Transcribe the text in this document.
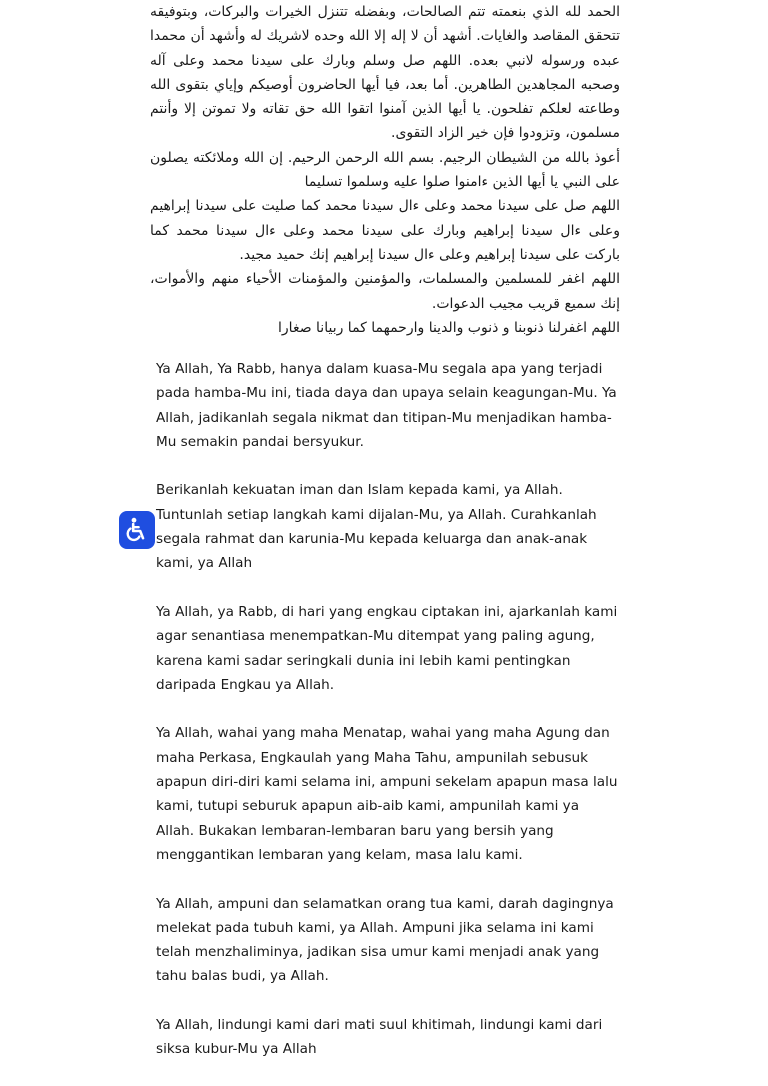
الحمد لله الذي بنعمته تتم الصالحات، وبفضله تتنزل الخيرات والبركات، وبتوفيقه تتحقق المقاصد والغايات. أشهد أن لا إله إلا الله وحده لاشريك له وأشهد أن محمدا عبده ورسوله لانبي بعده. اللهم صل وسلم وبارك على سيدنا محمد وعلى آله وصحبه المجاهدين الطاهرين. أما بعد، فيا أيها الحاضرون أوصيكم وإياي بتقوى الله وطاعته لعلكم تفلحون. يا أيها الذين آمنوا اتقوا الله حق تقاته ولا تموتن إلا وأنتم مسلمون، وتزودوا فإن خير الزاد التقوى.

أعوذ بالله من الشيطان الرجيم. بسم الله الرحمن الرحيم. إن الله وملائكته يصلون على النبي يا أيها الذين ءامنوا صلوا عليه وسلموا تسليما

اللهم صل على سيدنا محمد وعلى ءال سيدنا محمد كما صليت على سيدنا إبراهيم وعلى ءال سيدنا إبراهيم وبارك على سيدنا محمد وعلى ءال سيدنا محمد كما باركت على سيدنا إبراهيم وعلى ءال سيدنا إبراهيم إنك حميد مجيد.

اللهم اغفر للمسلمين والمسلمات، والمؤمنين والمؤمنات الأحياء منهم والأموات، إنك سميع قريب مجيب الدعوات.

اللهم اغفرلنا ذنوبنا و ذنوب والدينا وارحمهما كما ربيانا صغارا

Ya Allah, Ya Rabb, hanya dalam kuasa-Mu segala apa yang terjadi pada hamba-Mu ini, tiada daya dan upaya selain keagungan-Mu. Ya Allah, jadikanlah segala nikmat dan titipan-Mu menjadikan hamba-Mu semakin pandai bersyukur.

Berikanlah kekuatan iman dan Islam kepada kami, ya Allah. Tuntunlah setiap langkah kami dijalan-Mu, ya Allah. Curahkanlah segala rahmat dan karunia-Mu kepada keluarga dan anak-anak kami, ya Allah

Ya Allah, ya Rabb, di hari yang engkau ciptakan ini, ajarkanlah kami agar senantiasa menempatkan-Mu ditempat yang paling agung, karena kami sadar seringkali dunia ini lebih kami pentingkan daripada Engkau ya Allah.

Ya Allah, wahai yang maha Menatap, wahai yang maha Agung dan maha Perkasa, Engkaulah yang Maha Tahu, ampunilah sebusuk apapun diri-diri kami selama ini, ampuni sekelam apapun masa lalu kami, tutupi seburuk apapun aib-aib kami, ampunilah kami ya Allah. Bukakan lembaran-lembaran baru yang bersih yang menggantikan lembaran yang kelam, masa lalu kami.

Ya Allah, ampuni dan selamatkan orang tua kami, darah dagingnya melekat pada tubuh kami, ya Allah. Ampuni jika selama ini kami telah menzhaliminya, jadikan sisa umur kami menjadi anak yang tahu balas budi, ya Allah.

Ya Allah, lindungi kami dari mati suul khitimah, lindungi kami dari siksa kubur-Mu ya Allah
